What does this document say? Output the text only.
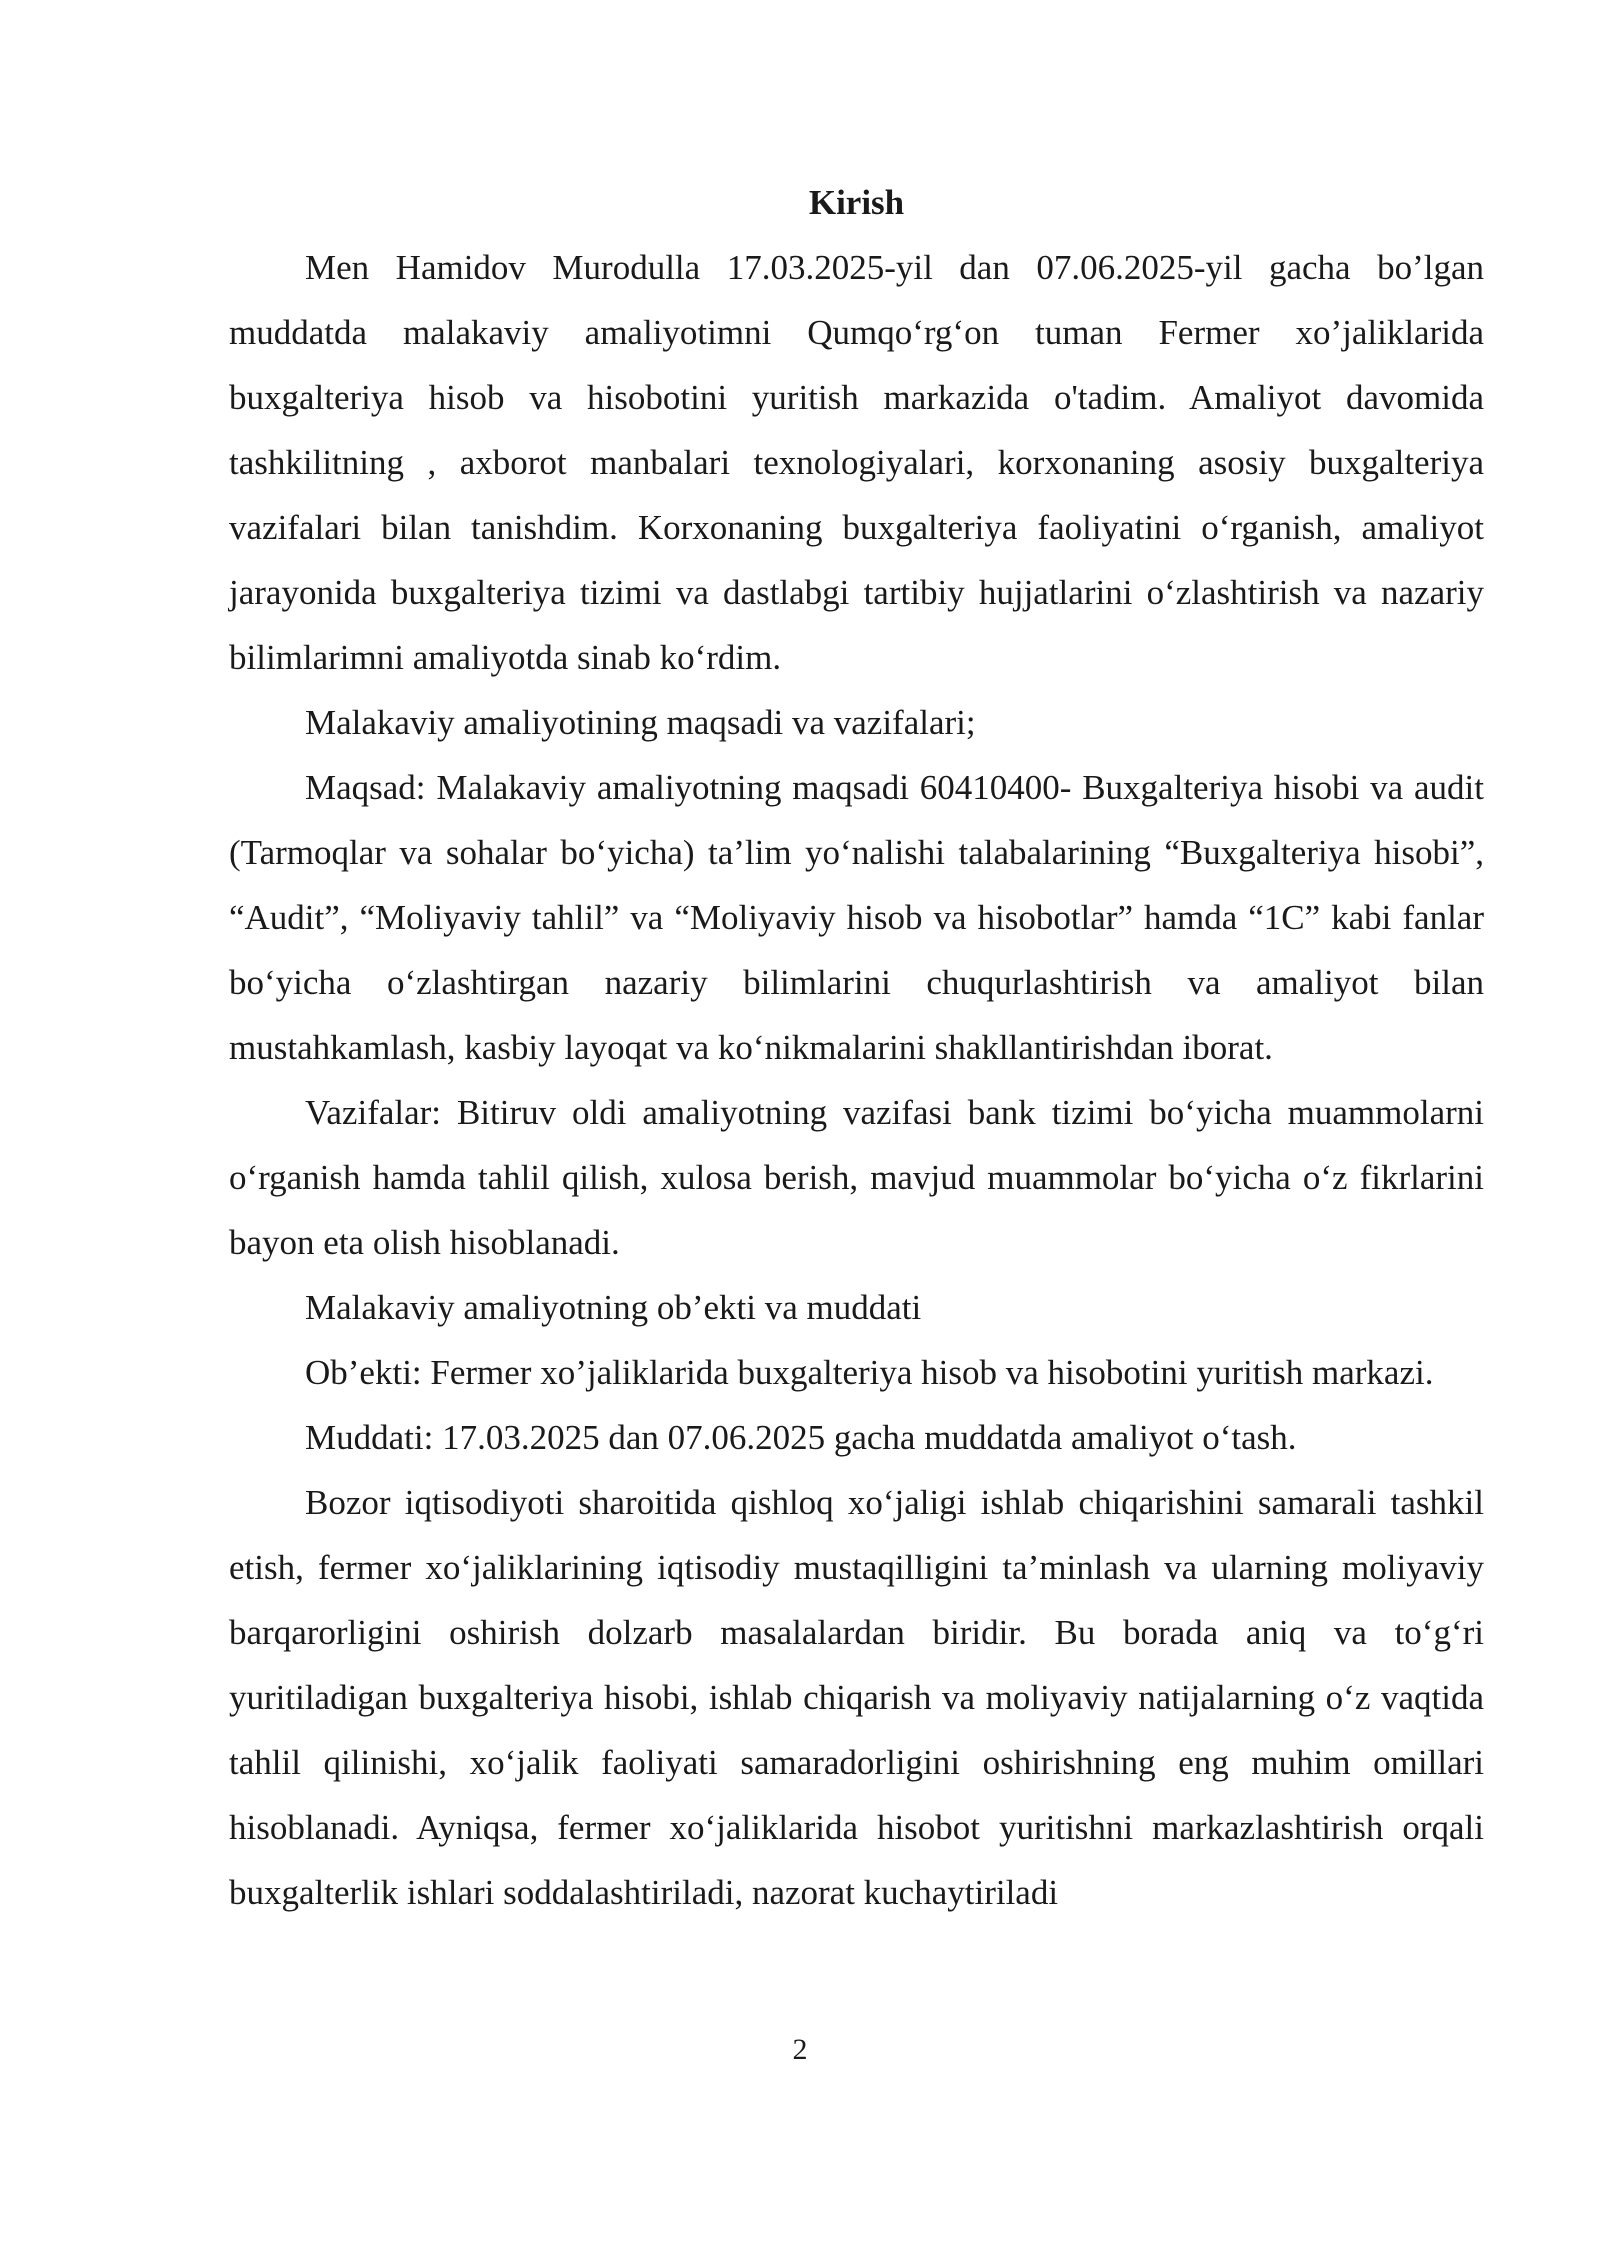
Kirish

Men Hamidov Murodulla 17.03.2025-yil dan 07.06.2025-yil gacha bo’lgan muddatda malakaviy amaliyotimni Qumqo‘rg‘on tuman Fermer xo’jaliklarida buxgalteriya hisob va hisobotini yuritish markazida o'tadim. Amaliyot davomida tashkilitning , axborot manbalari texnologiyalari, korxonaning asosiy buxgalteriya vazifalari bilan tanishdim. Korxonaning buxgalteriya faoliyatini o‘rganish, amaliyot jarayonida buxgalteriya tizimi va dastlabgi tartibiy hujjatlarini o‘zlashtirish va nazariy bilimlarimni amaliyotda sinab ko‘rdim.

Malakaviy amaliyotining maqsadi va vazifalari;

Maqsad: Malakaviy amaliyotning maqsadi 60410400- Buxgalteriya hisobi va audit (Tarmoqlar va sohalar bo‘yicha) ta’lim yo‘nalishi talabalarining “Buxgalteriya hisobi”, “Audit”, “Moliyaviy tahlil” va “Moliyaviy hisob va hisobotlar” hamda “1C” kabi fanlar bo‘yicha o‘zlashtirgan nazariy bilimlarini chuqurlashtirish va amaliyot bilan mustahkamlash, kasbiy layoqat va ko‘nikmalarini shakllantirishdan iborat.

Vazifalar: Bitiruv oldi amaliyotning vazifasi bank tizimi bo‘yicha muammolarni o‘rganish hamda tahlil qilish, xulosa berish, mavjud muammolar bo‘yicha o‘z fikrlarini bayon eta olish hisoblanadi.

Malakaviy amaliyotning ob’ekti va muddati

Ob’ekti: Fermer xo’jaliklarida buxgalteriya hisob va hisobotini yuritish markazi.

Muddati: 17.03.2025 dan 07.06.2025 gacha muddatda amaliyot o‘tash.

Bozor iqtisodiyoti sharoitida qishloq xo‘jaligi ishlab chiqarishini samarali tashkil etish, fermer xo‘jaliklarining iqtisodiy mustaqilligini ta’minlash va ularning moliyaviy barqarorligini oshirish dolzarb masalalardan biridir. Bu borada aniq va to‘g‘ri yuritiladigan buxgalteriya hisobi, ishlab chiqarish va moliyaviy natijalarning o‘z vaqtida tahlil qilinishi, xo‘jalik faoliyati samaradorligini oshirishning eng muhim omillari hisoblanadi. Ayniqsa, fermer xo‘jaliklarida hisobot yuritishni markazlashtirish orqali buxgalterlik ishlari soddalashtiriladi, nazorat kuchaytiriladi

2
